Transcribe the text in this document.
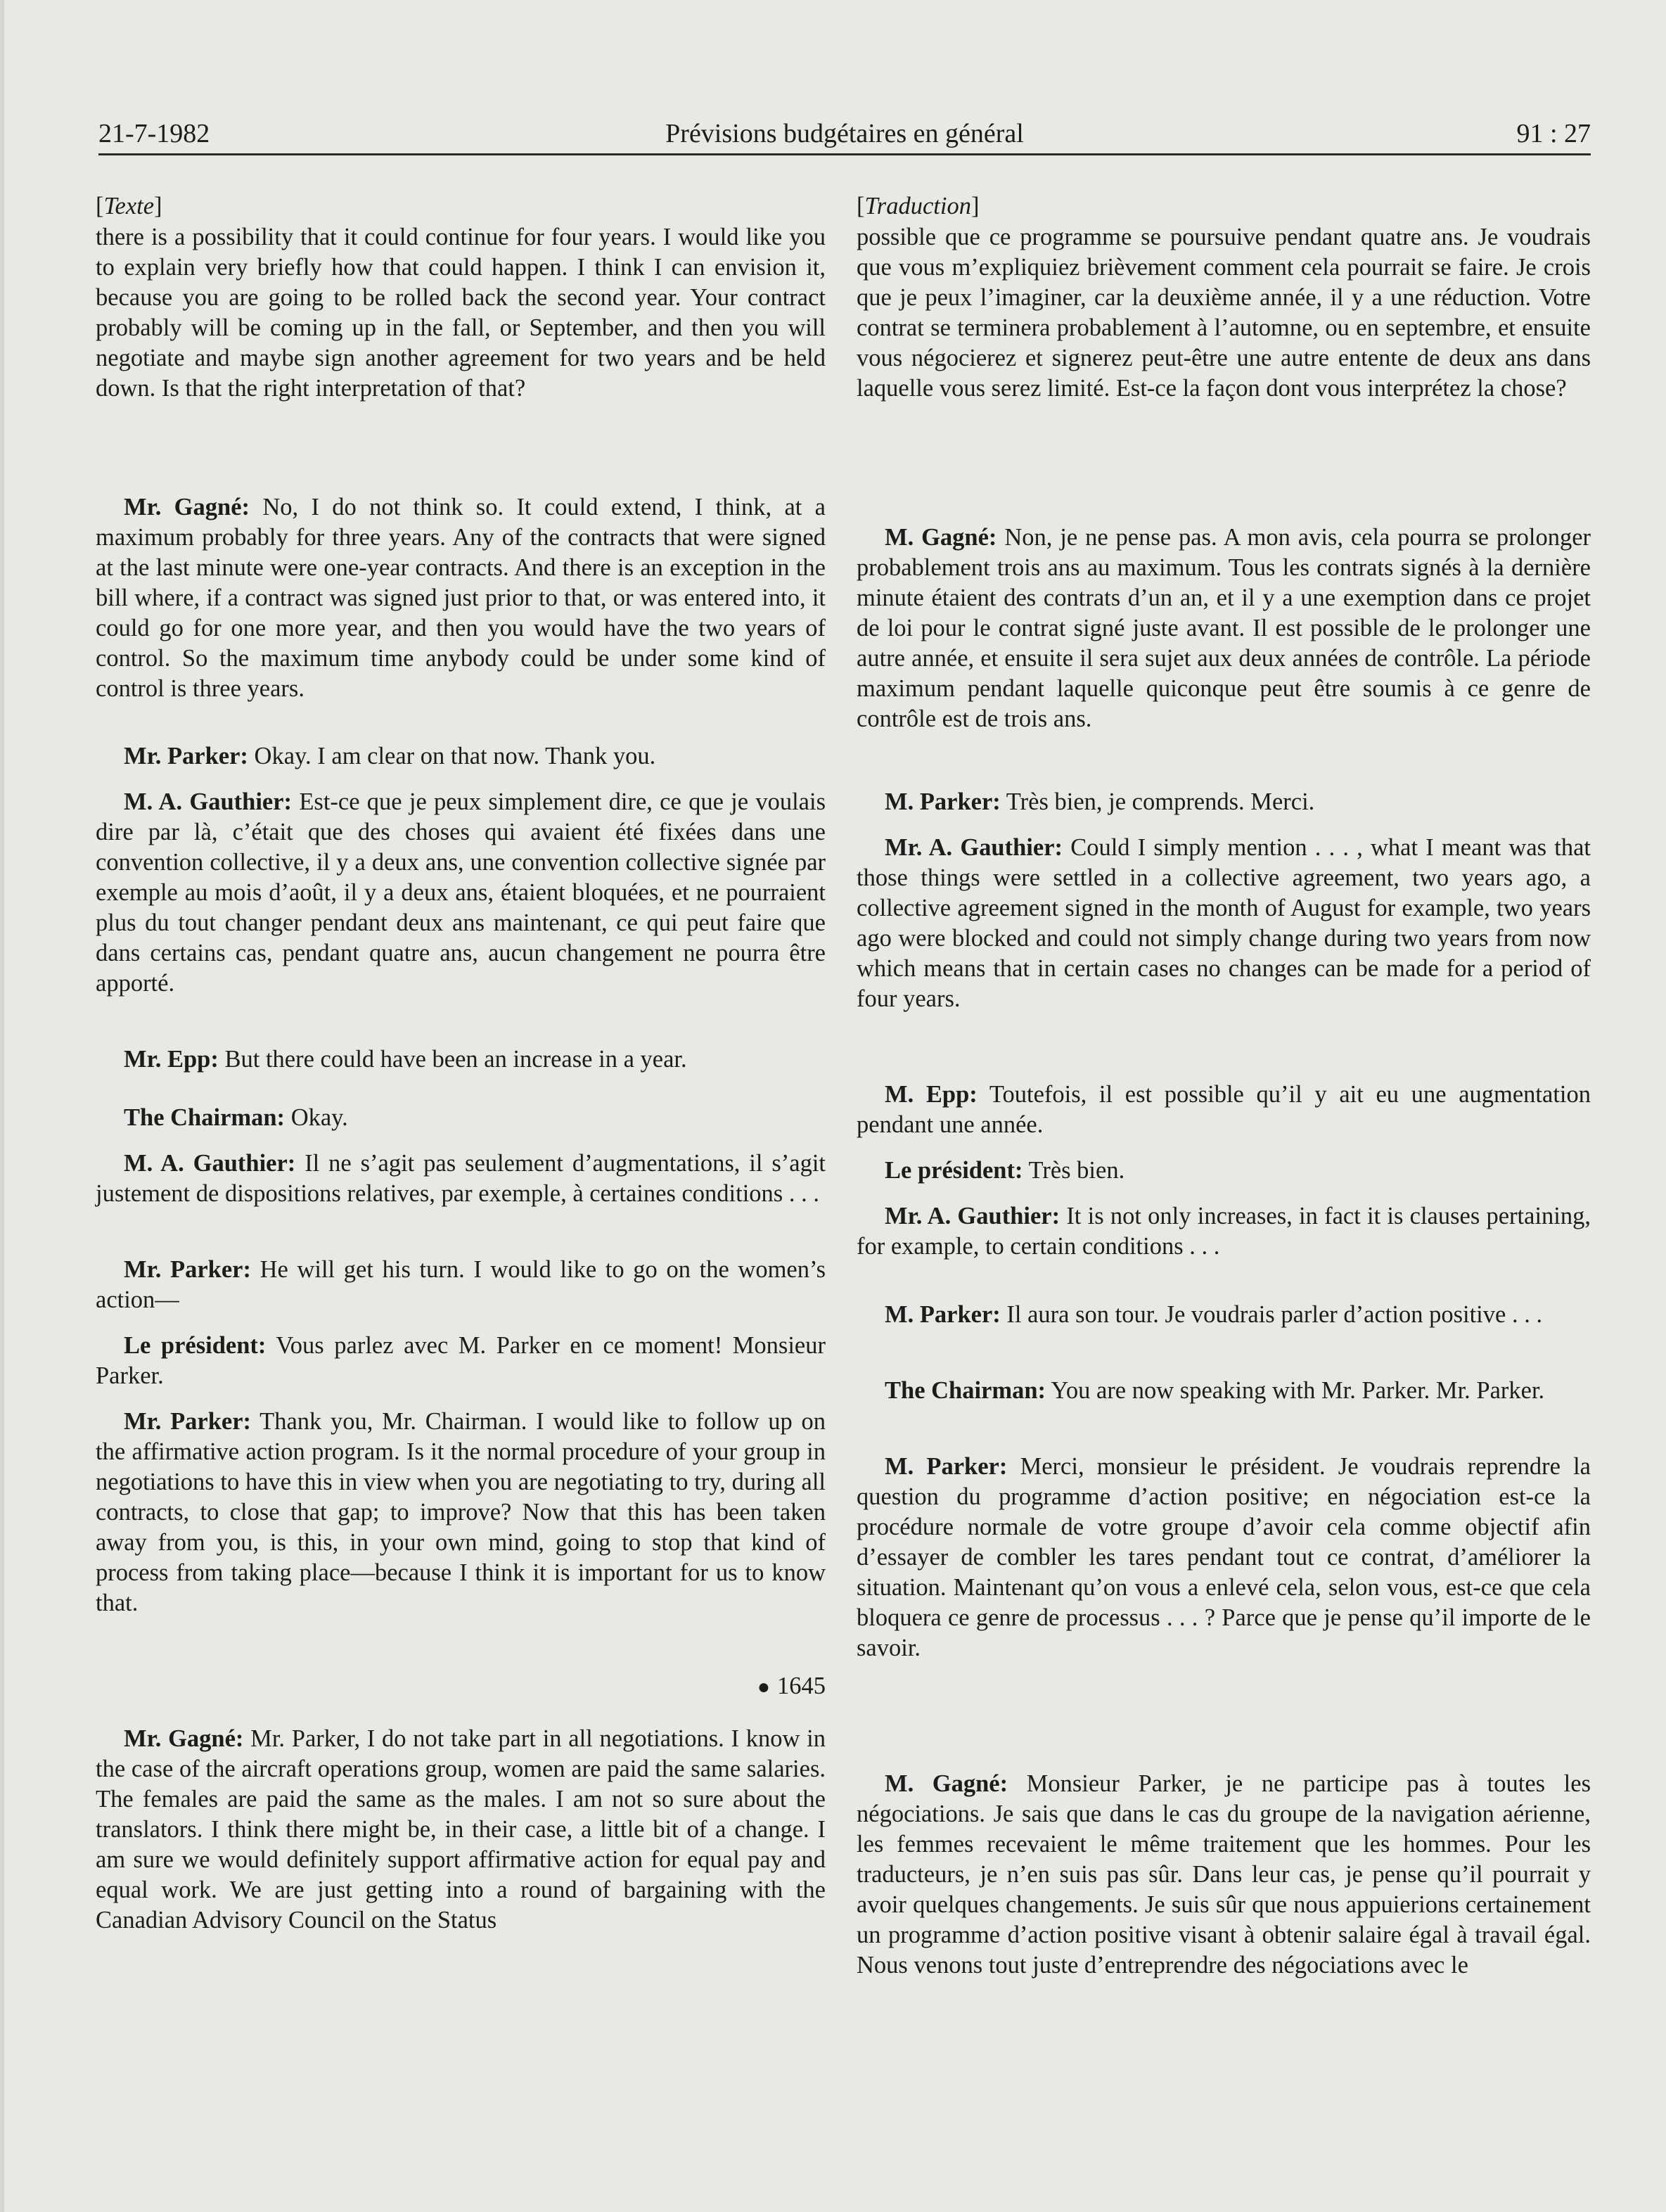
21-7-1982	Prévisions budgétaires en général	91 : 27
[Texte]

there is a possibility that it could continue for four years. I would like you to explain very briefly how that could happen. I think I can envision it, because you are going to be rolled back the second year. Your contract probably will be coming up in the fall, or September, and then you will negotiate and maybe sign another agreement for two years and be held down. Is that the right interpretation of that?

Mr. Gagné: No, I do not think so. It could extend, I think, at a maximum probably for three years. Any of the contracts that were signed at the last minute were one-year contracts. And there is an exception in the bill where, if a contract was signed just prior to that, or was entered into, it could go for one more year, and then you would have the two years of control. So the maximum time anybody could be under some kind of control is three years.

Mr. Parker: Okay. I am clear on that now. Thank you.

M. A. Gauthier: Est-ce que je peux simplement dire, ce que je voulais dire par là, c’était que des choses qui avaient été fixées dans une convention collective, il y a deux ans, une convention collective signée par exemple au mois d’août, il y a deux ans, étaient bloquées, et ne pourraient plus du tout changer pendant deux ans maintenant, ce qui peut faire que dans certains cas, pendant quatre ans, aucun changement ne pourra être apporté.

Mr. Epp: But there could have been an increase in a year.

The Chairman: Okay.

M. A. Gauthier: Il ne s’agit pas seulement d’augmentations, il s’agit justement de dispositions relatives, par exemple, à certaines conditions . . .

Mr. Parker: He will get his turn. I would like to go on the women’s action—

Le président: Vous parlez avec M. Parker en ce moment! Monsieur Parker.

Mr. Parker: Thank you, Mr. Chairman. I would like to follow up on the affirmative action program. Is it the normal procedure of your group in negotiations to have this in view when you are negotiating to try, during all contracts, to close that gap; to improve? Now that this has been taken away from you, is this, in your own mind, going to stop that kind of process from taking place—because I think it is important for us to know that.

● 1645

Mr. Gagné: Mr. Parker, I do not take part in all negotiations. I know in the case of the aircraft operations group, women are paid the same salaries. The females are paid the same as the males. I am not so sure about the translators. I think there might be, in their case, a little bit of a change. I am sure we would definitely support affirmative action for equal pay and equal work. We are just getting into a round of bargaining with the Canadian Advisory Council on the Status

[Traduction]

possible que ce programme se poursuive pendant quatre ans. Je voudrais que vous m’expliquiez brièvement comment cela pourrait se faire. Je crois que je peux l’imaginer, car la deuxième année, il y a une réduction. Votre contrat se terminera probablement à l’automne, ou en septembre, et ensuite vous négocierez et signerez peut-être une autre entente de deux ans dans laquelle vous serez limité. Est-ce la façon dont vous interprétez la chose?

M. Gagné: Non, je ne pense pas. A mon avis, cela pourra se prolonger probablement trois ans au maximum. Tous les contrats signés à la dernière minute étaient des contrats d’un an, et il y a une exemption dans ce projet de loi pour le contrat signé juste avant. Il est possible de le prolonger une autre année, et ensuite il sera sujet aux deux années de contrôle. La période maximum pendant laquelle quiconque peut être soumis à ce genre de contrôle est de trois ans.

M. Parker: Très bien, je comprends. Merci.

Mr. A. Gauthier: Could I simply mention . . . , what I meant was that those things were settled in a collective agreement, two years ago, a collective agreement signed in the month of August for example, two years ago were blocked and could not simply change during two years from now which means that in certain cases no changes can be made for a period of four years.

M. Epp: Toutefois, il est possible qu’il y ait eu une augmentation pendant une année.

Le président: Très bien.

Mr. A. Gauthier: It is not only increases, in fact it is clauses pertaining, for example, to certain conditions . . .

M. Parker: Il aura son tour. Je voudrais parler d’action positive . . .

The Chairman: You are now speaking with Mr. Parker. Mr. Parker.

M. Parker: Merci, monsieur le président. Je voudrais reprendre la question du programme d’action positive; en négociation est-ce la procédure normale de votre groupe d’avoir cela comme objectif afin d’essayer de combler les tares pendant tout ce contrat, d’améliorer la situation. Maintenant qu’on vous a enlevé cela, selon vous, est-ce que cela bloquera ce genre de processus . . . ? Parce que je pense qu’il importe de le savoir.

M. Gagné: Monsieur Parker, je ne participe pas à toutes les négociations. Je sais que dans le cas du groupe de la navigation aérienne, les femmes recevaient le même traitement que les hommes. Pour les traducteurs, je n’en suis pas sûr. Dans leur cas, je pense qu’il pourrait y avoir quelques changements. Je suis sûr que nous appuierions certainement un programme d’action positive visant à obtenir salaire égal à travail égal. Nous venons tout juste d’entreprendre des négociations avec le
